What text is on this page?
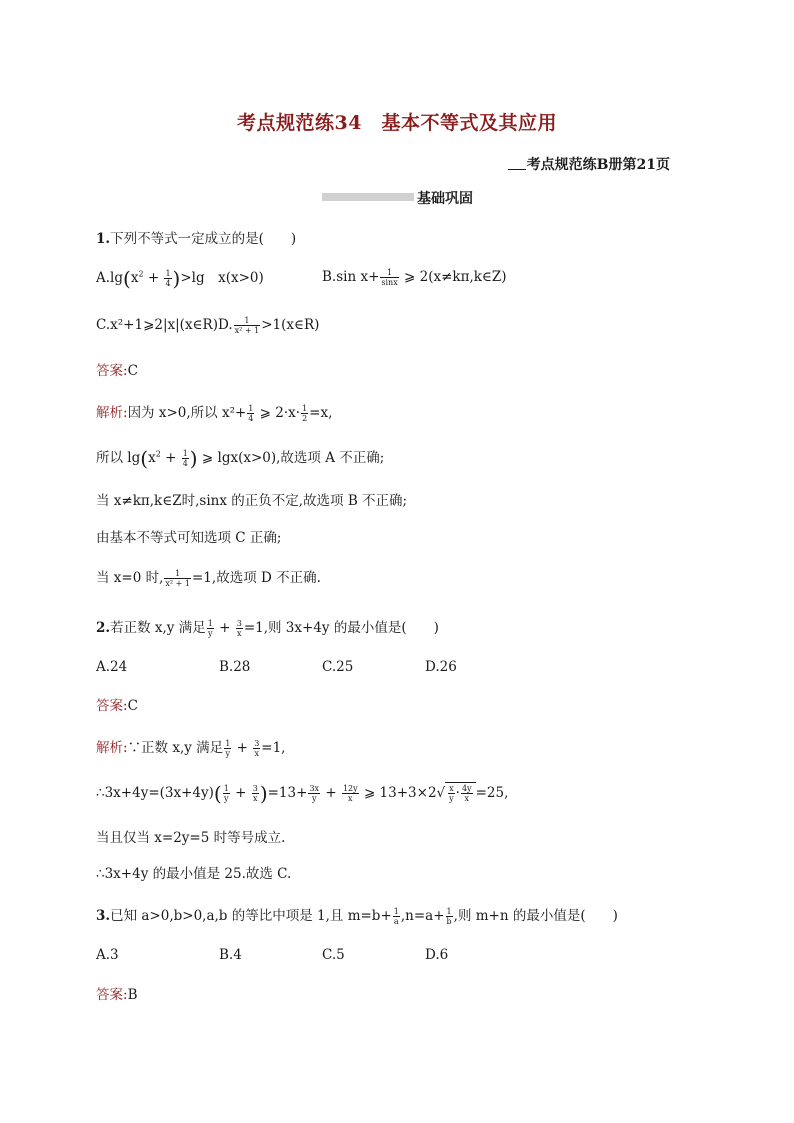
考点规范练34　基本不等式及其应用
考点规范练B册第21页
基础巩固
1.下列不等式一定成立的是(　　)
$A.\lg(x^2 + \frac{1}{4} )>\lg$　x(x>0)	B.sin $x+ \frac{1}{\sin x}$ ⩾ 2(x≠kπ,k∈Z)
C.x²+1⩾2|x|(x∈R)D. $\frac{1}{\text{x² + 1}}$ >1(x∈R)
答案:C
解析:因为 x>0,所以 $x^2+ \frac{1}{4}$ ⩾ $2\cdot x\cdot \frac{1}{2} =x$,
所以 $\lg(x^2 + \frac{1}{4}$ ) ⩾ lgx(x>0),故选项 A 不正确;
当 x≠kπ,k∈Z时,sinx 的正负不定,故选项 B 不正确;
由基本不等式可知选项 C 正确;
当 x=0 时, $\frac{1}{\text{x² + 1}} =1$,故选项 D 不正确.
2.若正数 x,y 满足 $\frac{1}{y} + \frac{3}{x} =1$,则 3x+4y 的最小值是(　　)
A.24	B.28	C.25	D.26
答案:C
解析:∵正数 x,y 满足 $\frac{1}{y} + \frac{3}{x} =1$,
∴3x+4y=(3x+4y)( $\frac{1}{y} + \frac{3}{x} )=13+ \frac{3x}{y} + \frac{12y}{x}$ ⩾ $13+3\times 2√ \frac{x}{y} \cdot \frac{4y}{x} =25$,
当且仅当 x=2y=5 时等号成立.
∴3x+4y 的最小值是 25.故选 C.
3.已知 a>0,b>0,a,b 的等比中项是 1,且 $m=b+ \frac{1}{a} ,n=a+ \frac{1}{b}$ ,则 m+n 的最小值是(　　)
A.3	B.4	C.5	D.6
答案:B
